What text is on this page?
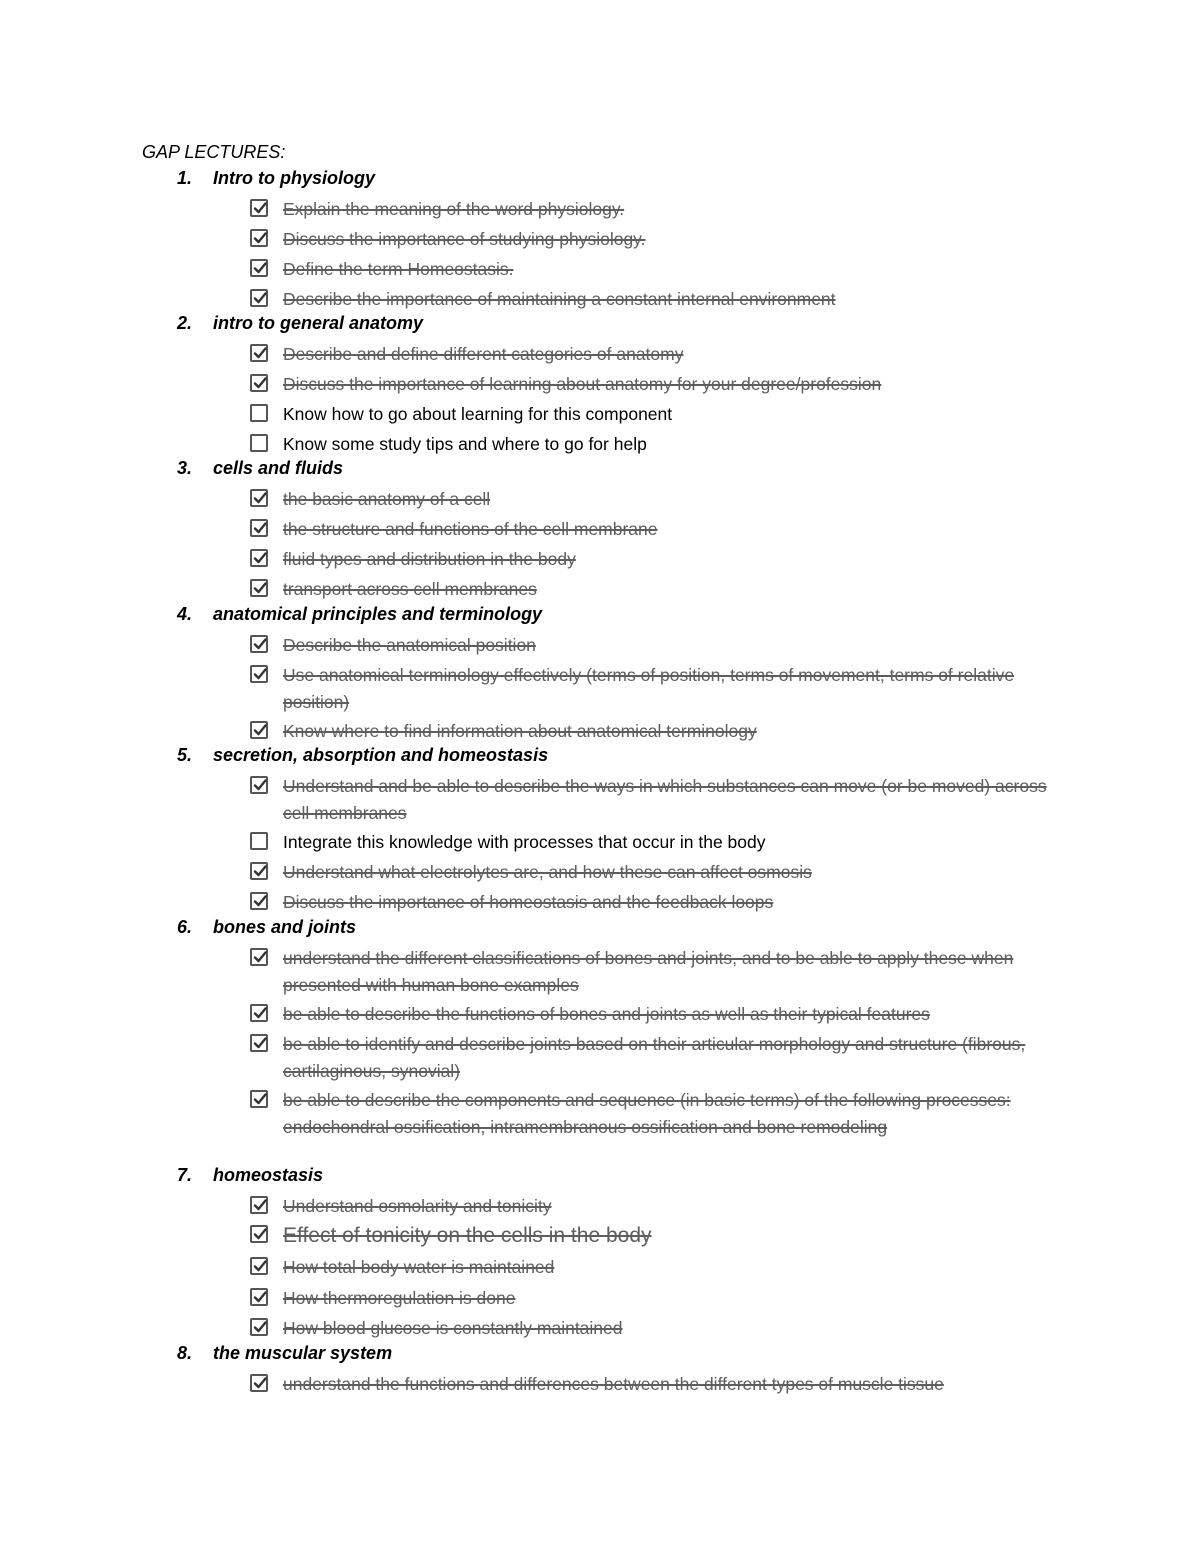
GAP LECTURES:
1. Intro to physiology
Explain the meaning of the word physiology.
Discuss the importance of studying physiology.
Define the term Homeostasis.
Describe the importance of maintaining a constant internal environment
2. intro to general anatomy
Describe and define different categories of anatomy
Discuss the importance of learning about anatomy for your degree/profession
Know how to go about learning for this component
Know some study tips and where to go for help
3. cells and fluids
the basic anatomy of a cell
the structure and functions of the cell membrane
fluid types and distribution in the body
transport across cell membranes
4. anatomical principles and terminology
Describe the anatomical position
Use anatomical terminology effectively (terms of position, terms of movement, terms of relative position)
Know where to find information about anatomical terminology
5. secretion, absorption and homeostasis
Understand and be able to describe the ways in which substances can move (or be moved) across cell membranes
Integrate this knowledge with processes that occur in the body
Understand what electrolytes are, and how these can affect osmosis
Discuss the importance of homeostasis and the feedback loops
6. bones and joints
understand the different classifications of bones and joints, and to be able to apply these when presented with human bone examples
be able to describe the functions of bones and joints as well as their typical features
be able to identify and describe joints based on their articular morphology and structure (fibrous, cartilaginous, synovial)
be able to describe the components and sequence (in basic terms) of the following processes: endochondral ossification, intramembranous ossification and bone remodeling
7. homeostasis
Understand osmolarity and tonicity
Effect of tonicity on the cells in the body
How total body water is maintained
How thermoregulation is done
How blood glucose is constantly maintained
8. the muscular system
understand the functions and differences between the different types of muscle tissue
